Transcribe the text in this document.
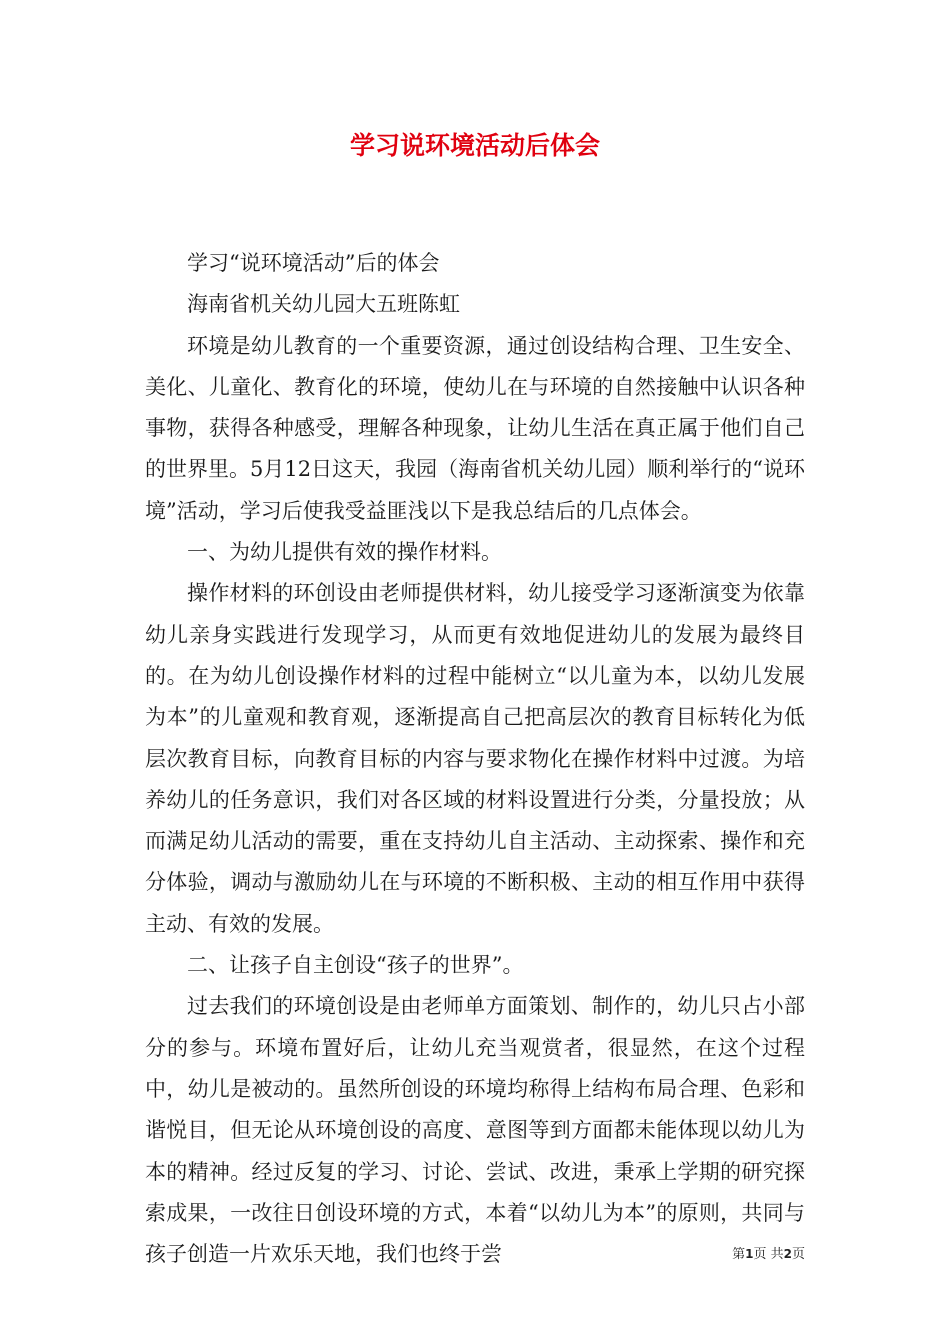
学习说环境活动后体会

学习“说环境活动”后的体会

海南省机关幼儿园大五班陈虹

环境是幼儿教育的一个重要资源，通过创设结构合理、卫生安全、美化、儿童化、教育化的环境，使幼儿在与环境的自然接触中认识各种事物，获得各种感受，理解各种现象，让幼儿生活在真正属于他们自己的世界里。5月12日这天，我园（海南省机关幼儿园）顺利举行的“说环境”活动，学习后使我受益匪浅以下是我总结后的几点体会。

一、为幼儿提供有效的操作材料。

操作材料的环创设由老师提供材料，幼儿接受学习逐渐演变为依靠幼儿亲身实践进行发现学习，从而更有效地促进幼儿的发展为最终目的。在为幼儿创设操作材料的过程中能树立“以儿童为本，以幼儿发展为本”的儿童观和教育观，逐渐提高自己把高层次的教育目标转化为低层次教育目标，向教育目标的内容与要求物化在操作材料中过渡。为培养幼儿的任务意识，我们对各区域的材料设置进行分类，分量投放；从而满足幼儿活动的需要，重在支持幼儿自主活动、主动探索、操作和充分体验，调动与激励幼儿在与环境的不断积极、主动的相互作用中获得主动、有效的发展。

二、让孩子自主创设“孩子的世界”。

过去我们的环境创设是由老师单方面策划、制作的，幼儿只占小部分的参与。环境布置好后，让幼儿充当观赏者，很显然，在这个过程中，幼儿是被动的。虽然所创设的环境均称得上结构布局合理、色彩和谐悦目，但无论从环境创设的高度、意图等到方面都未能体现以幼儿为本的精神。经过反复的学习、讨论、尝试、改进，秉承上学期的研究探索成果，一改往日创设环境的方式，本着“以幼儿为本”的原则，共同与孩子创造一片欢乐天地，我们也终于尝	第1页 共2页
